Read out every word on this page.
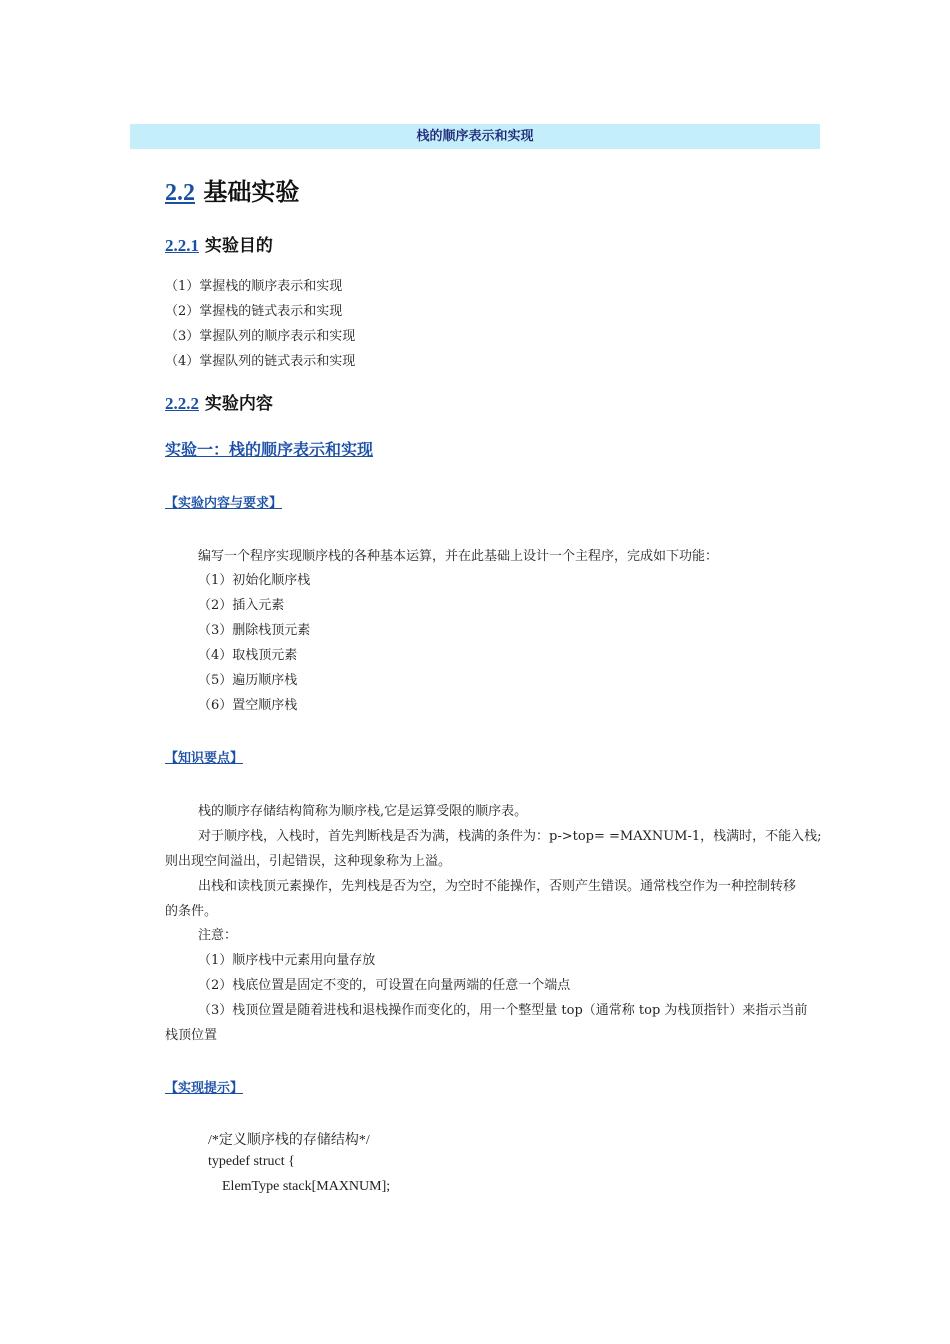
栈的顺序表示和实现
2.2 基础实验
2.2.1 实验目的
（1）掌握栈的顺序表示和实现
（2）掌握栈的链式表示和实现
（3）掌握队列的顺序表示和实现
（4）掌握队列的链式表示和实现
2.2.2 实验内容
实验一：栈的顺序表示和实现
【实验内容与要求】
编写一个程序实现顺序栈的各种基本运算，并在此基础上设计一个主程序，完成如下功能：
（1）初始化顺序栈
（2）插入元素
（3）删除栈顶元素
（4）取栈顶元素
（5）遍历顺序栈
（6）置空顺序栈
【知识要点】
栈的顺序存储结构简称为顺序栈,它是运算受限的顺序表。
对于顺序栈，入栈时，首先判断栈是否为满，栈满的条件为：p->top= =MAXNUM-1，栈满时，不能入栈;
则出现空间溢出，引起错误，这种现象称为上溢。
出栈和读栈顶元素操作，先判栈是否为空，为空时不能操作，否则产生错误。通常栈空作为一种控制转移
的条件。
注意：
（1）顺序栈中元素用向量存放
（2）栈底位置是固定不变的，可设置在向量两端的任意一个端点
（3）栈顶位置是随着进栈和退栈操作而变化的，用一个整型量 top（通常称 top 为栈顶指针）来指示当前
栈顶位置
【实现提示】
/*定义顺序栈的存储结构*/
typedef struct {
ElemType stack[MAXNUM];
